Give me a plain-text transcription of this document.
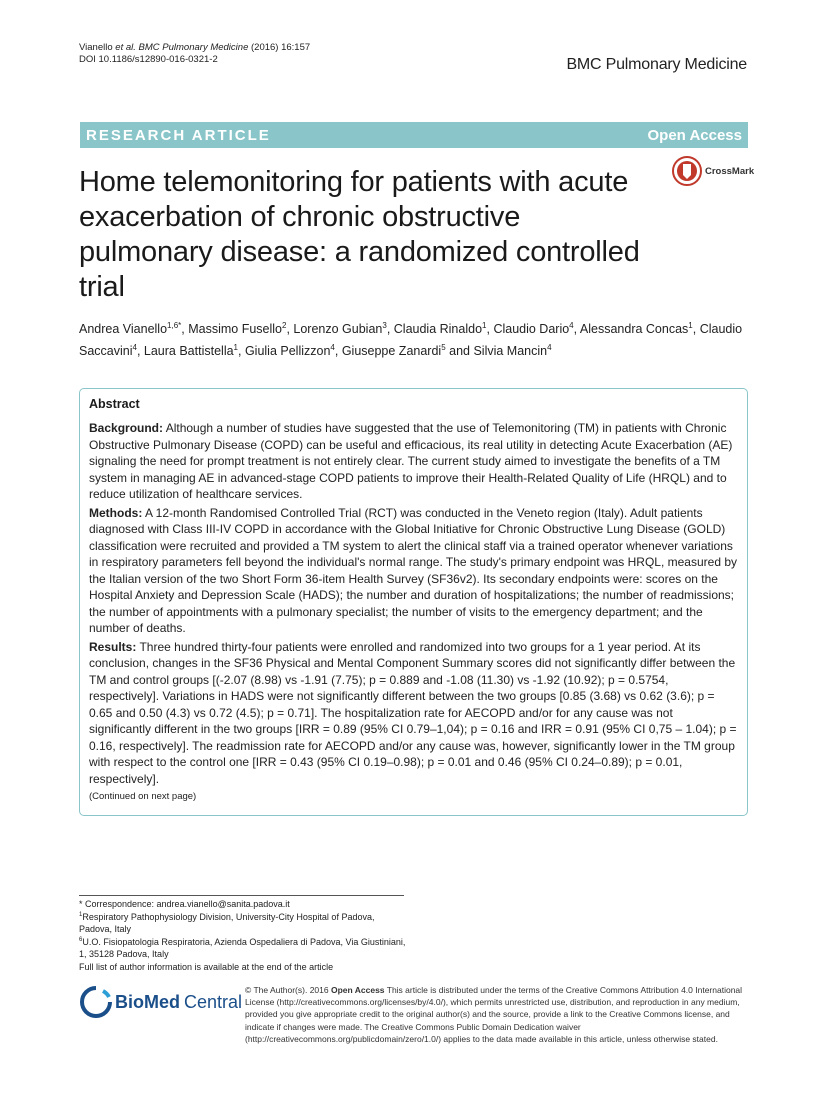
Vianello et al. BMC Pulmonary Medicine (2016) 16:157
DOI 10.1186/s12890-016-0321-2	BMC Pulmonary Medicine
RESEARCH ARTICLE	Open Access
CrossMark
Home telemonitoring for patients with acute exacerbation of chronic obstructive pulmonary disease: a randomized controlled trial
Andrea Vianello$^{1,6*}$, Massimo Fusello$^2$, Lorenzo Gubian$^3$, Claudia Rinaldo$^1$, Claudio Dario$^4$, Alessandra Concas$^1$, Claudio Saccavini$^4$, Laura Battistella$^1$, Giulia Pellizzon$^4$, Giuseppe Zanardi$^5$ and Silvia Mancin$^4$
Abstract

Background: Although a number of studies have suggested that the use of Telemonitoring (TM) in patients with Chronic Obstructive Pulmonary Disease (COPD) can be useful and efficacious, its real utility in detecting Acute Exacerbation (AE) signaling the need for prompt treatment is not entirely clear. The current study aimed to investigate the benefits of a TM system in managing AE in advanced-stage COPD patients to improve their Health-Related Quality of Life (HRQL) and to reduce utilization of healthcare services.

Methods: A 12-month Randomised Controlled Trial (RCT) was conducted in the Veneto region (Italy). Adult patients diagnosed with Class III-IV COPD in accordance with the Global Initiative for Chronic Obstructive Lung Disease (GOLD) classification were recruited and provided a TM system to alert the clinical staff via a trained operator whenever variations in respiratory parameters fell beyond the individual's normal range. The study's primary endpoint was HRQL, measured by the Italian version of the two Short Form 36-item Health Survey (SF36v2). Its secondary endpoints were: scores on the Hospital Anxiety and Depression Scale (HADS); the number and duration of hospitalizations; the number of readmissions; the number of appointments with a pulmonary specialist; the number of visits to the emergency department; and the number of deaths.

Results: Three hundred thirty-four patients were enrolled and randomized into two groups for a 1 year period. At its conclusion, changes in the SF36 Physical and Mental Component Summary scores did not significantly differ between the TM and control groups [(-2.07 (8.98) vs -1.91 (7.75); p = 0.889 and -1.08 (11.30) vs -1.92 (10.92); p = 0.5754, respectively]. Variations in HADS were not significantly different between the two groups [0.85 (3.68) vs 0.62 (3.6); p = 0.65 and 0.50 (4.3) vs 0.72 (4.5); p = 0.71]. The hospitalization rate for AECOPD and/or for any cause was not significantly different in the two groups [IRR = 0.89 (95% CI 0.79–1,04); p = 0.16 and IRR = 0.91 (95% CI 0,75 – 1.04); p = 0.16, respectively]. The readmission rate for AECOPD and/or any cause was, however, significantly lower in the TM group with respect to the control one [IRR = 0.43 (95% CI 0.19–0.98); p = 0.01 and 0.46 (95% CI 0.24–0.89); p = 0.01, respectively].

(Continued on next page)

* Correspondence: andrea.vianello@sanita.padova.it
$^1$Respiratory Pathophysiology Division, University-City Hospital of Padova, Padova, Italy
$^6$U.O. Fisiopatologia Respiratoria, Azienda Ospedaliera di Padova, Via Giustiniani, 1, 35128 Padova, Italy
Full list of author information is available at the end of the article
BioMed Central
© The Author(s). 2016 Open Access This article is distributed under the terms of the Creative Commons Attribution 4.0 International License (http://creativecommons.org/licenses/by/4.0/), which permits unrestricted use, distribution, and reproduction in any medium, provided you give appropriate credit to the original author(s) and the source, provide a link to the Creative Commons license, and indicate if changes were made. The Creative Commons Public Domain Dedication waiver (http://creativecommons.org/publicdomain/zero/1.0/) applies to the data made available in this article, unless otherwise stated.
